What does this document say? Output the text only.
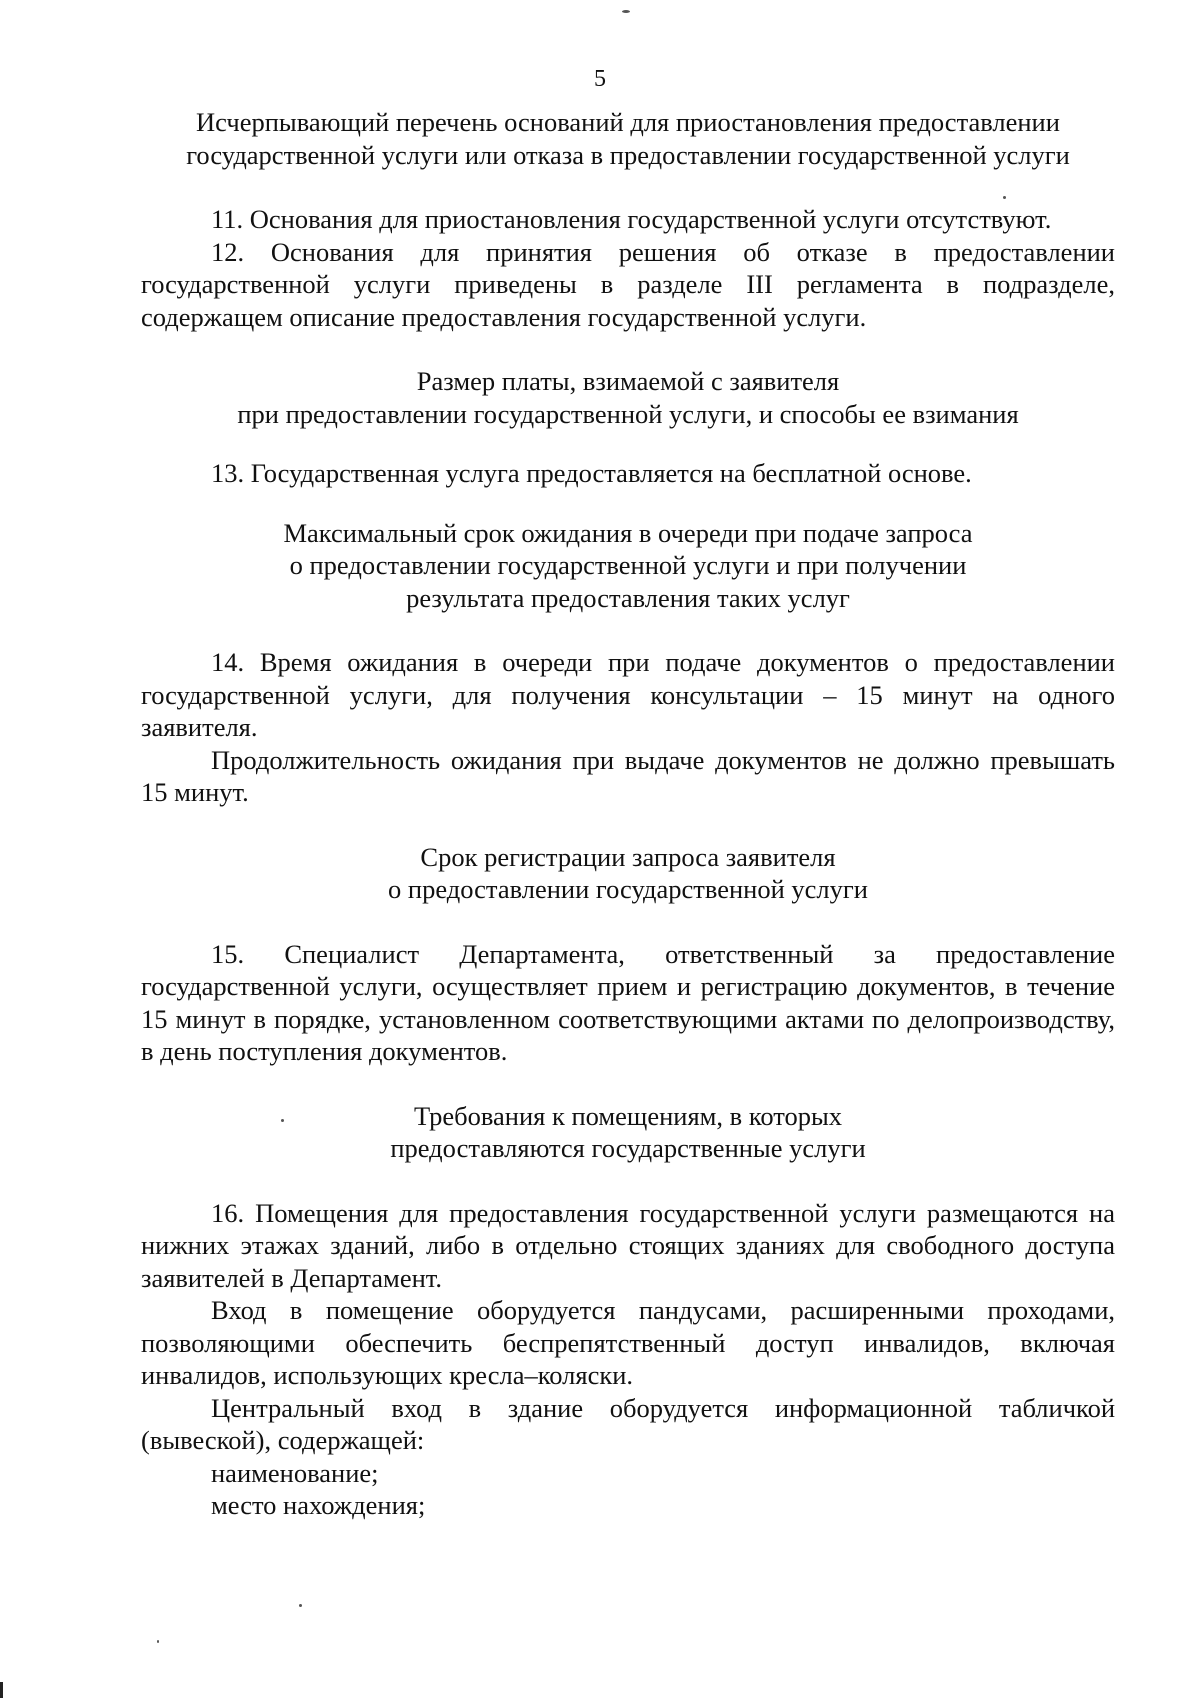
5
Исчерпывающий перечень оснований для приостановления предоставлении
государственной услуги или отказа в предоставлении государственной услуги

11. Основания для приостановления государственной услуги отсутствуют.

12. Основания для принятия решения об отказе в предоставлении государственной услуги приведены в разделе III регламента в подразделе, содержащем описание предоставления государственной услуги.

Размер платы, взимаемой с заявителя
при предоставлении государственной услуги, и способы ее взимания

13. Государственная услуга предоставляется на бесплатной основе.

Максимальный срок ожидания в очереди при подаче запроса
о предоставлении государственной услуги и при получении
результата предоставления таких услуг

14. Время ожидания в очереди при подаче документов о предоставлении государственной услуги, для получения консультации – 15 минут на одного заявителя.

Продолжительность ожидания при выдаче документов не должно превышать 15 минут.

Срок регистрации запроса заявителя
о предоставлении государственной услуги

15. Специалист Департамента, ответственный за предоставление государственной услуги, осуществляет прием и регистрацию документов, в течение 15 минут в порядке, установленном соответствующими актами по делопроизводству, в день поступления документов.

Требования к помещениям, в которых
предоставляются государственные услуги

16. Помещения для предоставления государственной услуги размещаются на нижних этажах зданий, либо в отдельно стоящих зданиях для свободного доступа заявителей в Департамент.

Вход в помещение оборудуется пандусами, расширенными проходами, позволяющими обеспечить беспрепятственный доступ инвалидов, включая инвалидов, использующих кресла–коляски.

Центральный вход в здание оборудуется информационной табличкой (вывеской), содержащей:

наименование;

место нахождения;
